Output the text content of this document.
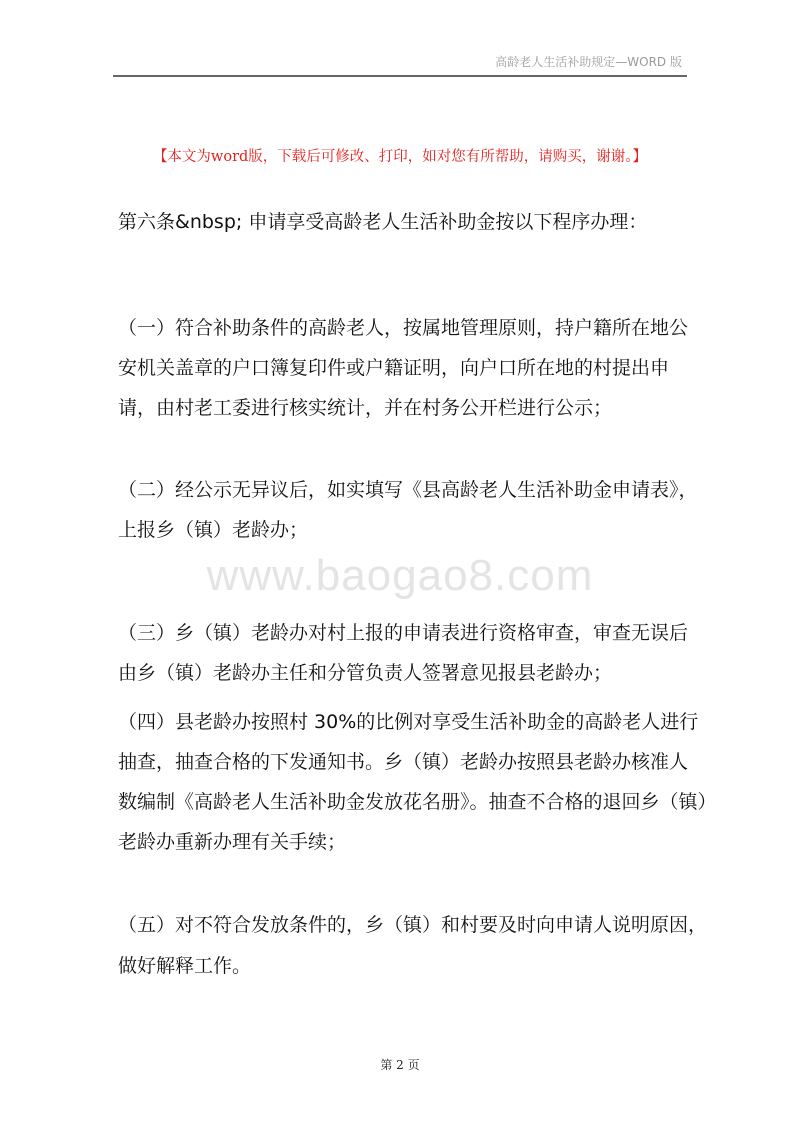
高龄老人生活补助规定—WORD 版
【本文为word版，下载后可修改、打印，如对您有所帮助，请购买，谢谢。】
www.baogao8.com
第六条&nbsp; 申请享受高龄老人生活补助金按以下程序办理：
（一）符合补助条件的高龄老人，按属地管理原则，持户籍所在地公
安机关盖章的户口簿复印件或户籍证明，向户口所在地的村提出申
请，由村老工委进行核实统计，并在村务公开栏进行公示；
（二）经公示无异议后，如实填写《县高龄老人生活补助金申请表》，
上报乡（镇）老龄办；
（三）乡（镇）老龄办对村上报的申请表进行资格审查，审查无误后
由乡（镇）老龄办主任和分管负责人签署意见报县老龄办；
（四）县老龄办按照村 30%的比例对享受生活补助金的高龄老人进行
抽查，抽查合格的下发通知书。乡（镇）老龄办按照县老龄办核准人
数编制《高龄老人生活补助金发放花名册》。抽查不合格的退回乡（镇）
老龄办重新办理有关手续；
（五）对不符合发放条件的，乡（镇）和村要及时向申请人说明原因，
做好解释工作。
第 2 页
